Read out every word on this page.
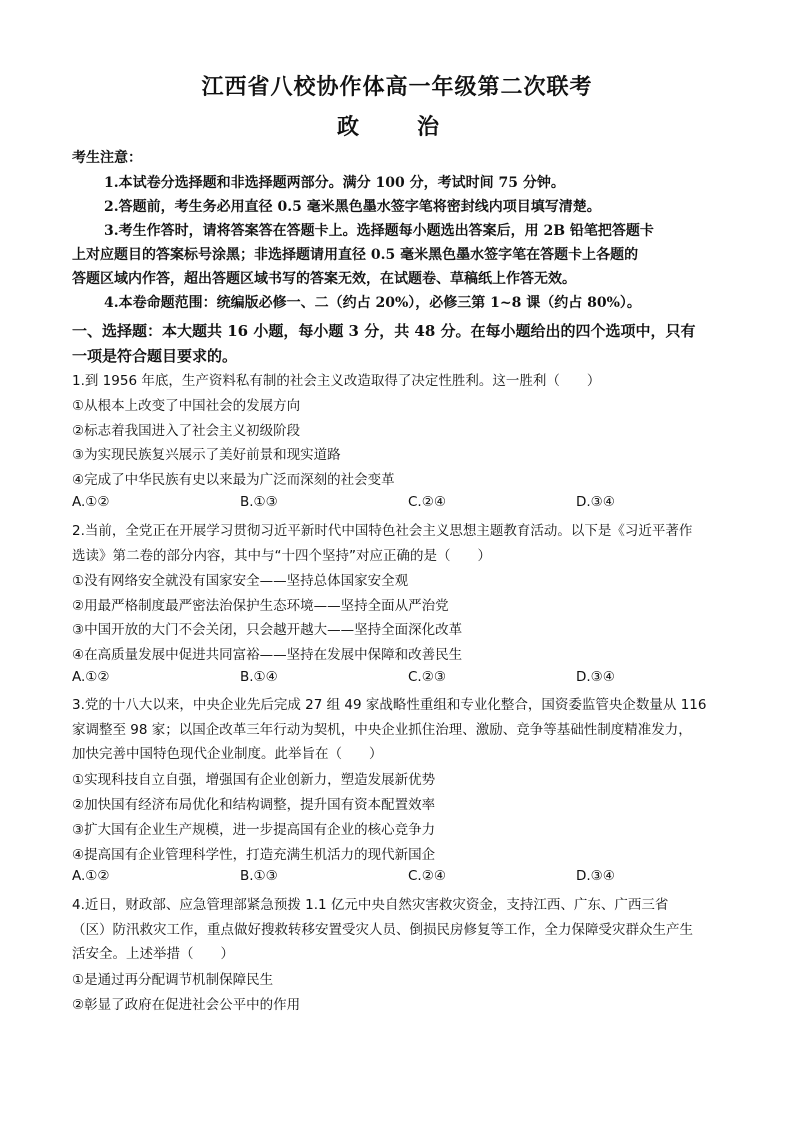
江西省八校协作体高一年级第二次联考
政　治
考生注意：
1.本试卷分选择题和非选择题两部分。满分 100 分，考试时间 75 分钟。
2.答题前，考生务必用直径 0.5 毫米黑色墨水签字笔将密封线内项目填写清楚。
3.考生作答时，请将答案答在答题卡上。选择题每小题选出答案后，用 2B 铅笔把答题卡
上对应题目的答案标号涂黑；非选择题请用直径 0.5 毫米黑色墨水签字笔在答题卡上各题的
答题区域内作答，超出答题区域书写的答案无效，在试题卷、草稿纸上作答无效。
4.本卷命题范围：统编版必修一、二（约占 20%），必修三第 1~8 课（约占 80%）。
一、选择题：本大题共 16 小题，每小题 3 分，共 48 分。在每小题给出的四个选项中，只有
一项是符合题目要求的。
1.到 1956 年底，生产资料私有制的社会主义改造取得了决定性胜利。这一胜利（　　）
①从根本上改变了中国社会的发展方向
②标志着我国进入了社会主义初级阶段
③为实现民族复兴展示了美好前景和现实道路
④完成了中华民族有史以来最为广泛而深刻的社会变革
A.①②	B.①③	C.②④	D.③④
2.当前，全党正在开展学习贯彻习近平新时代中国特色社会主义思想主题教育活动。以下是《习近平著作
选读》第二卷的部分内容，其中与“十四个坚持”对应正确的是（　　）
①没有网络安全就没有国家安全——坚持总体国家安全观
②用最严格制度最严密法治保护生态环境——坚持全面从严治党
③中国开放的大门不会关闭，只会越开越大——坚持全面深化改革
④在高质量发展中促进共同富裕——坚持在发展中保障和改善民生
A.①②	B.①④	C.②③	D.③④
3.党的十八大以来，中央企业先后完成 27 组 49 家战略性重组和专业化整合，国资委监管央企数量从 116
家调整至 98 家；以国企改革三年行动为契机，中央企业抓住治理、激励、竞争等基础性制度精准发力，
加快完善中国特色现代企业制度。此举旨在（　　）
①实现科技自立自强，增强国有企业创新力，塑造发展新优势
②加快国有经济布局优化和结构调整，提升国有资本配置效率
③扩大国有企业生产规模，进一步提高国有企业的核心竞争力
④提高国有企业管理科学性，打造充满生机活力的现代新国企
A.①②	B.①③	C.②④	D.③④
4.近日，财政部、应急管理部紧急预拨 1.1 亿元中央自然灾害救灾资金，支持江西、广东、广西三省
（区）防汛救灾工作，重点做好搜救转移安置受灾人员、倒损民房修复等工作，全力保障受灾群众生产生
活安全。上述举措（　　）
①是通过再分配调节机制保障民生
②彰显了政府在促进社会公平中的作用
